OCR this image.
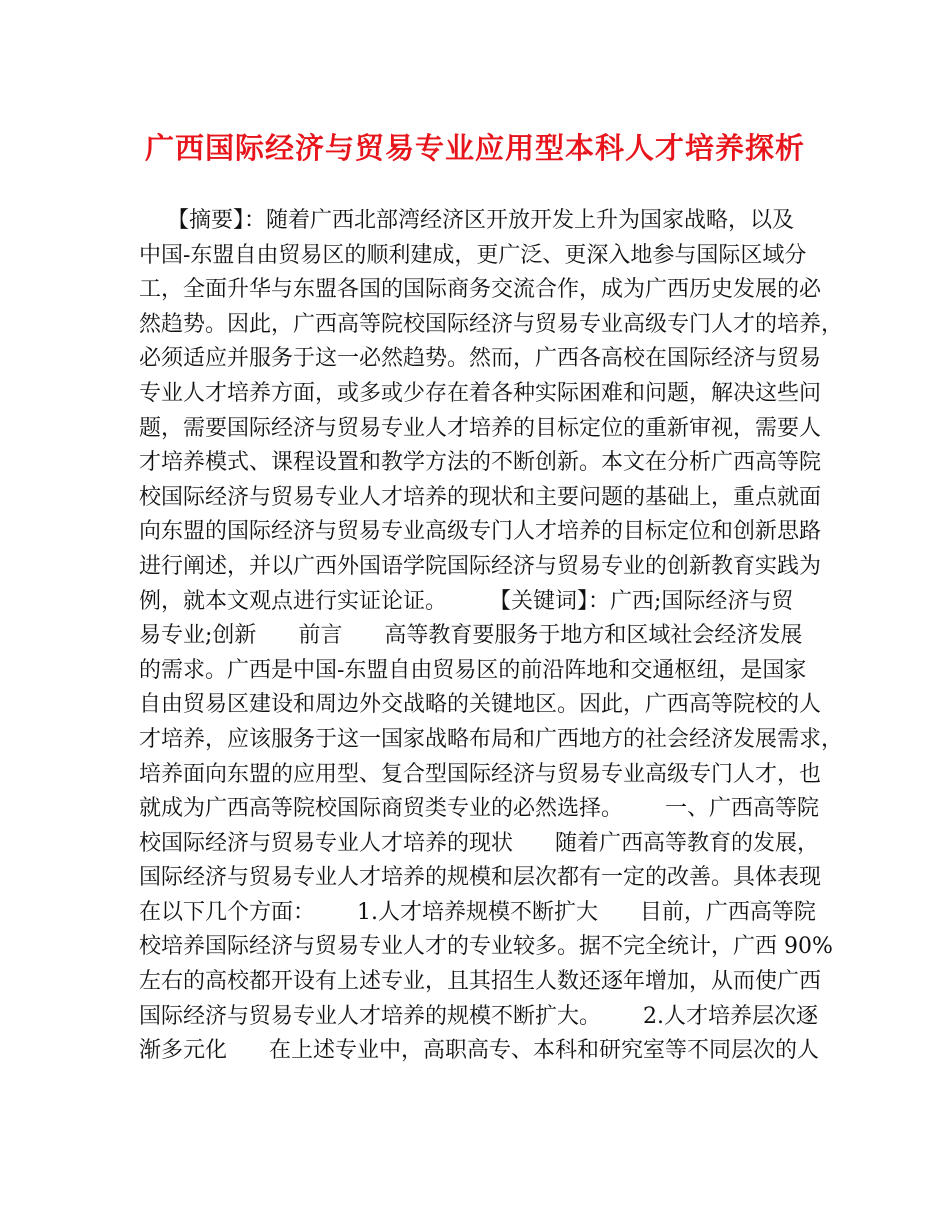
广西国际经济与贸易专业应用型本科人才培养探析
【摘要】：随着广西北部湾经济区开放开发上升为国家战略，以及
中国-东盟自由贸易区的顺利建成，更广泛、更深入地参与国际区域分
工，全面升华与东盟各国的国际商务交流合作，成为广西历史发展的必
然趋势。因此，广西高等院校国际经济与贸易专业高级专门人才的培养，
必须适应并服务于这一必然趋势。然而，广西各高校在国际经济与贸易
专业人才培养方面，或多或少存在着各种实际困难和问题，解决这些问
题，需要国际经济与贸易专业人才培养的目标定位的重新审视，需要人
才培养模式、课程设置和教学方法的不断创新。本文在分析广西高等院
校国际经济与贸易专业人才培养的现状和主要问题的基础上，重点就面
向东盟的国际经济与贸易专业高级专门人才培养的目标定位和创新思路
进行阐述，并以广西外国语学院国际经济与贸易专业的创新教育实践为
例，就本文观点进行实证论证。      【关键词】：广西;国际经济与贸
易专业;创新      前言      高等教育要服务于地方和区域社会经济发展
的需求。广西是中国-东盟自由贸易区的前沿阵地和交通枢纽，是国家
自由贸易区建设和周边外交战略的关键地区。因此，广西高等院校的人
才培养，应该服务于这一国家战略布局和广西地方的社会经济发展需求，
培养面向东盟的应用型、复合型国际经济与贸易专业高级专门人才，也
就成为广西高等院校国际商贸类专业的必然选择。      一、广西高等院
校国际经济与贸易专业人才培养的现状      随着广西高等教育的发展，
国际经济与贸易专业人才培养的规模和层次都有一定的改善。具体表现
在以下几个方面：      1.人才培养规模不断扩大      目前，广西高等院
校培养国际经济与贸易专业人才的专业较多。据不完全统计，广西 90%
左右的高校都开设有上述专业，且其招生人数还逐年增加，从而使广西
国际经济与贸易专业人才培养的规模不断扩大。      2.人才培养层次逐
渐多元化      在上述专业中，高职高专、本科和研究室等不同层次的人
